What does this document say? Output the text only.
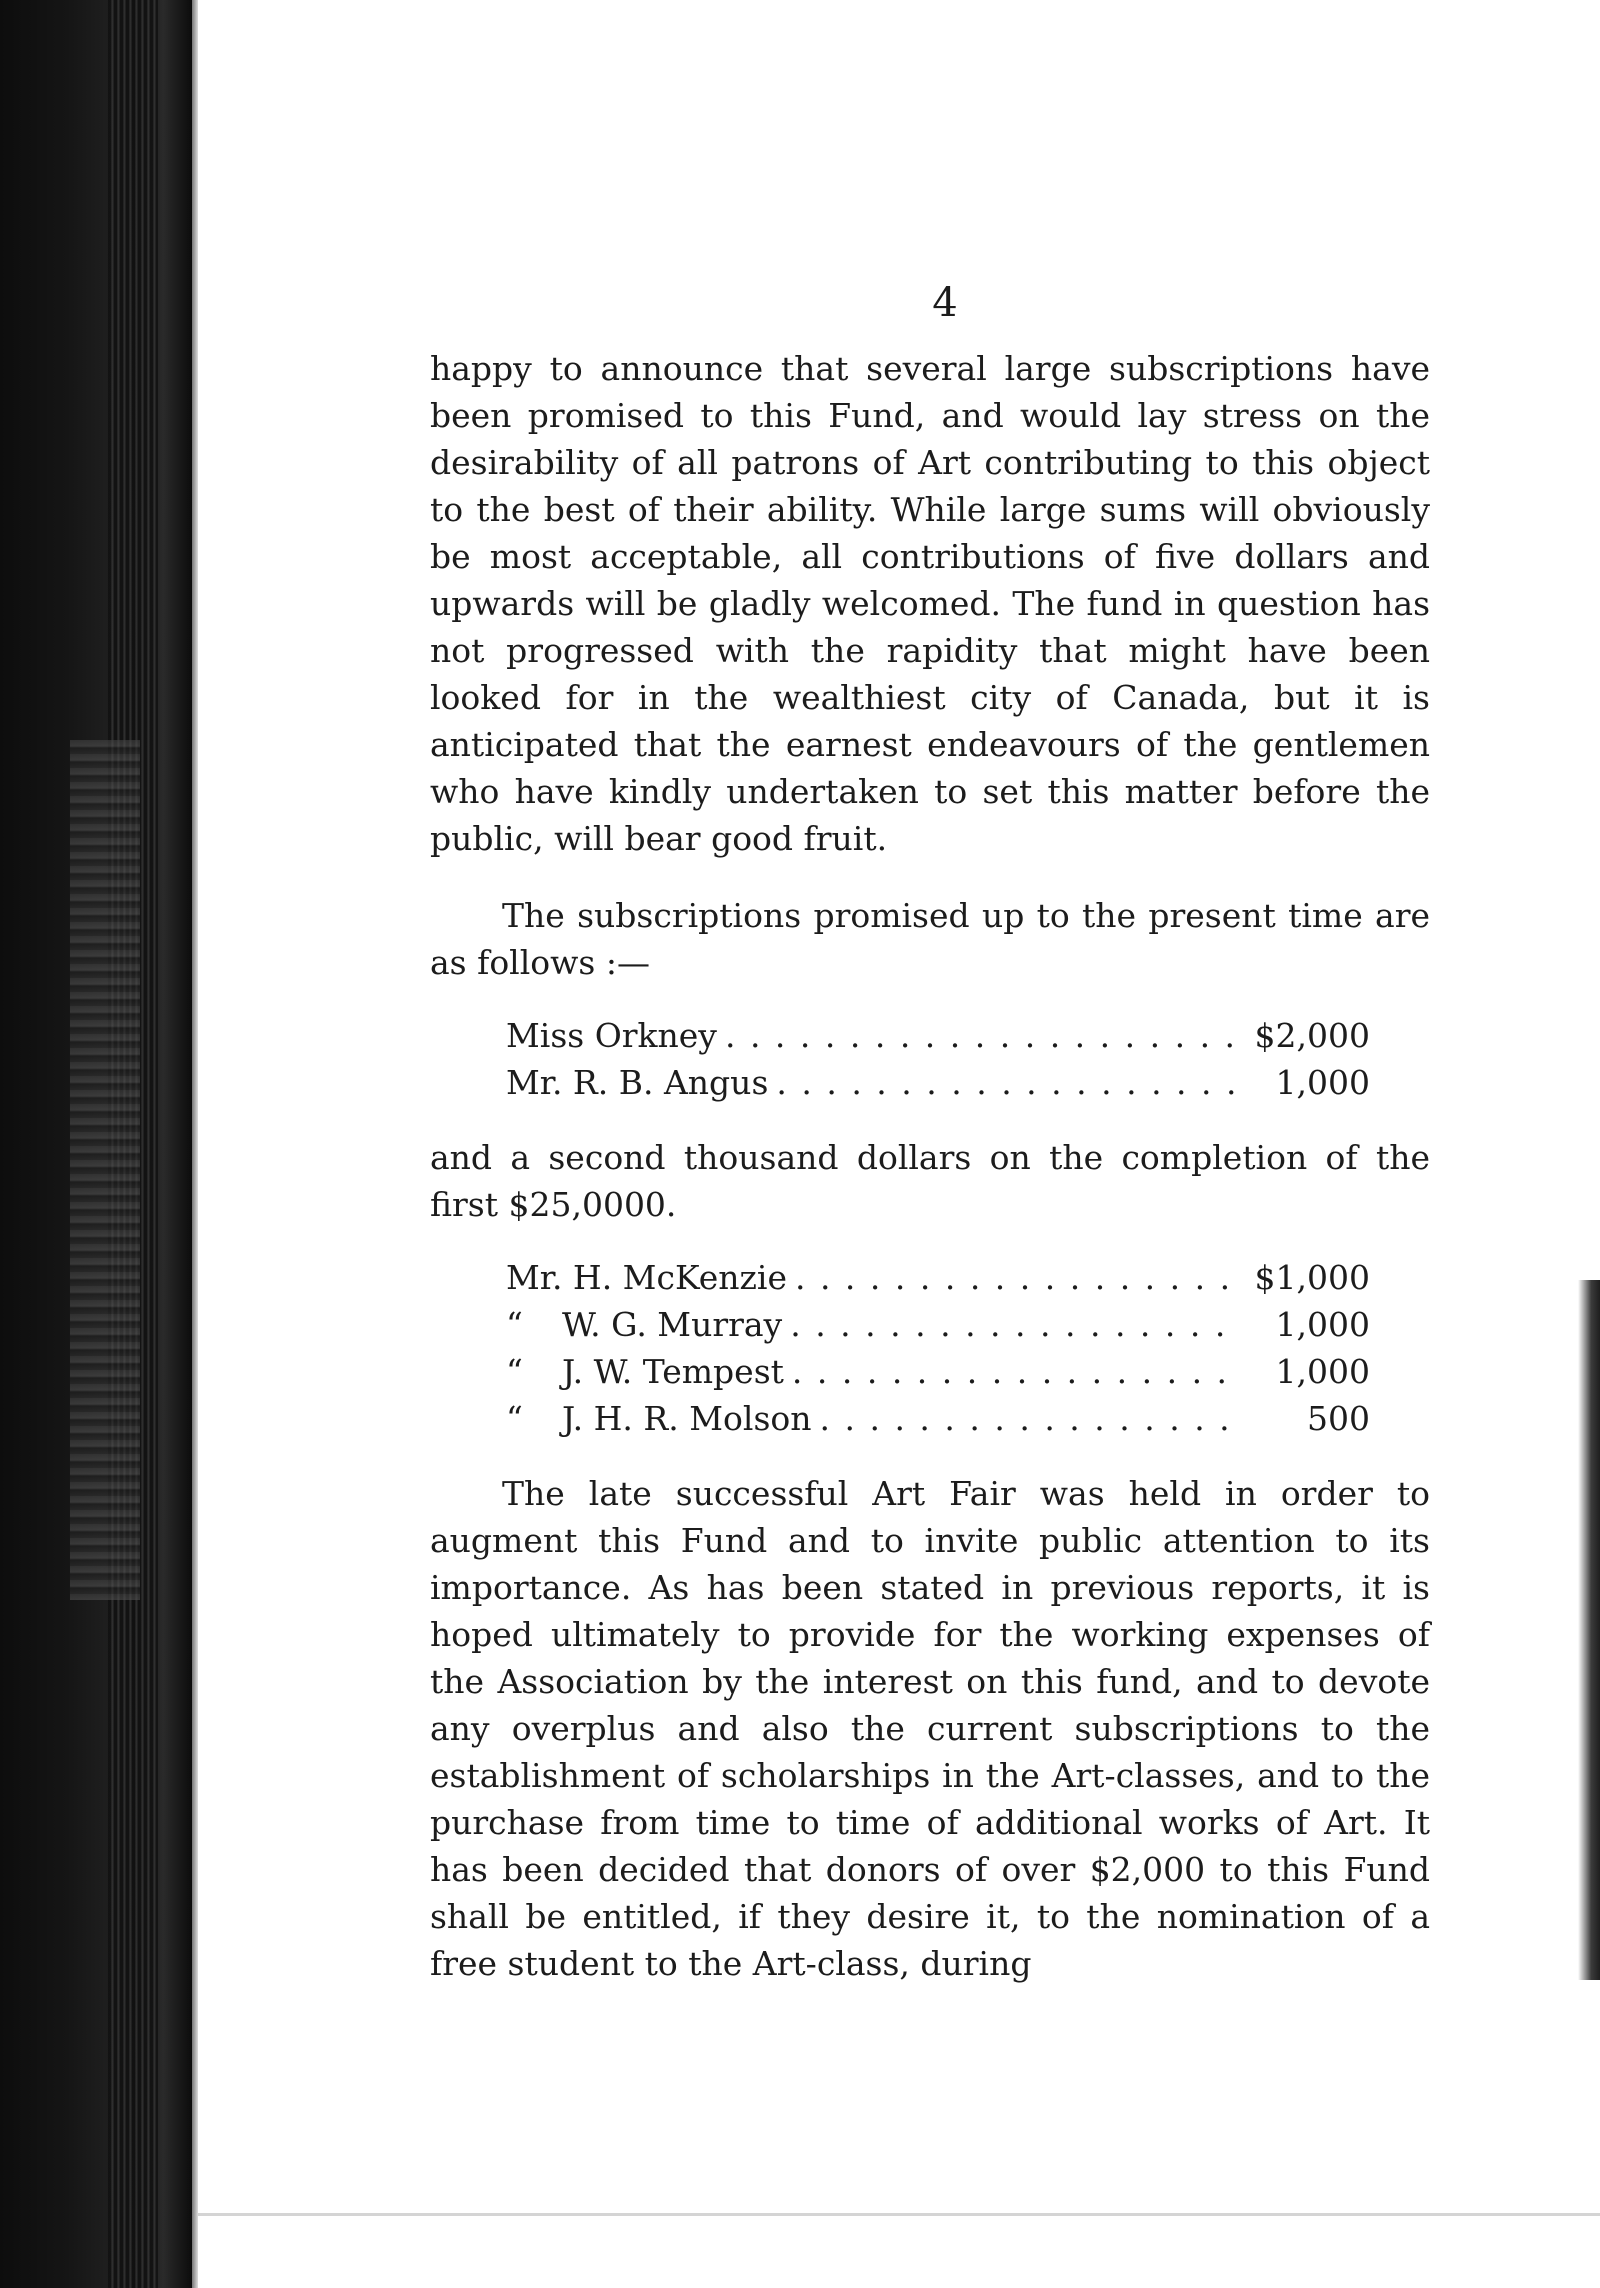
4

happy to announce that several large subscriptions have been promised to this Fund, and would lay stress on the desirability of all patrons of Art contributing to this object to the best of their ability. While large sums will obviously be most acceptable, all contributions of five dollars and upwards will be gladly welcomed. The fund in question has not progressed with the rapidity that might have been looked for in the wealthiest city of Canada, but it is anticipated that the earnest endeavours of the gentlemen who have kindly undertaken to set this matter before the public, will bear good fruit.

The subscriptions promised up to the present time are as follows :—

Miss Orkney . . .	$2,000
Mr. R. B. Angus . . .	1,000

and a second thousand dollars on the completion of the first $25,0000.

Mr. H. McKenzie . . .	$1,000
“ W. G. Murray . . .	1,000
“ J. W. Tempest . . .	1,000
“ J. H. R. Molson . . .	500

The late successful Art Fair was held in order to augment this Fund and to invite public attention to its importance. As has been stated in previous reports, it is hoped ultimately to provide for the working expenses of the Association by the interest on this fund, and to devote any overplus and also the current subscriptions to the establishment of scholarships in the Art-classes, and to the purchase from time to time of additional works of Art. It has been decided that donors of over $2,000 to this Fund shall be entitled, if they desire it, to the nomination of a free student to the Art-class, during
